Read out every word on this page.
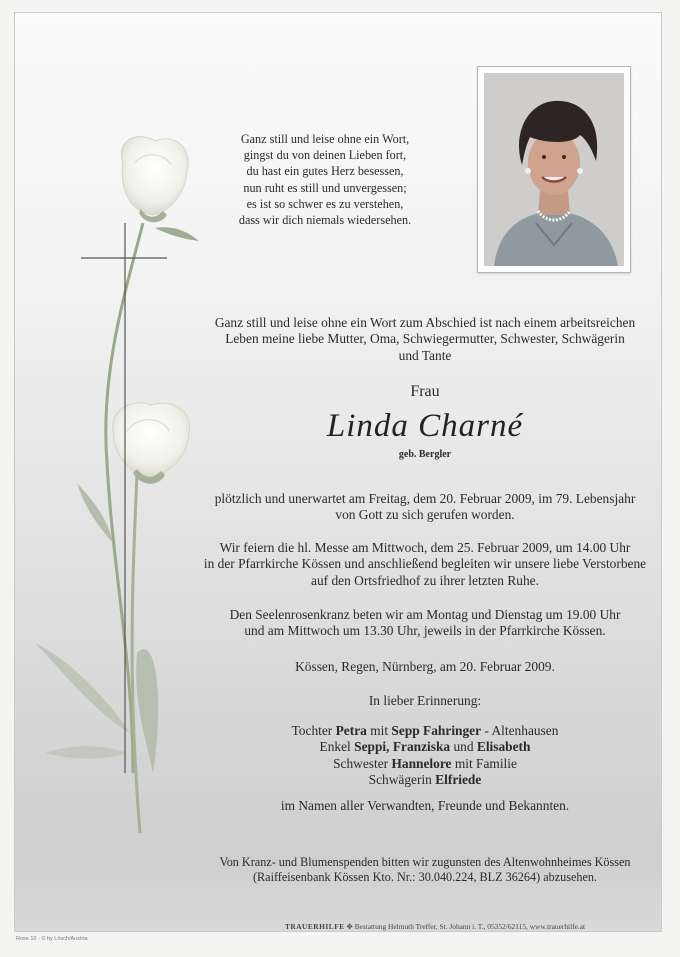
Ganz still und leise ohne ein Wort,
gingst du von deinen Lieben fort,
du hast ein gutes Herz besessen,
nun ruht es still und unvergessen;
es ist so schwer es zu verstehen,
dass wir dich niemals wiedersehen.
Ganz still und leise ohne ein Wort zum Abschied ist nach einem arbeitsreichen
Leben meine liebe Mutter, Oma, Schwiegermutter, Schwester, Schwägerin
und Tante
Frau
Linda Charné
geb. Bergler
plötzlich und unerwartet am Freitag, dem 20. Februar 2009, im 79. Lebensjahr
von Gott zu sich gerufen worden.
Wir feiern die hl. Messe am Mittwoch, dem 25. Februar 2009, um 14.00 Uhr
in der Pfarrkirche Kössen und anschließend begleiten wir unsere liebe Verstorbene
auf den Ortsfriedhof zu ihrer letzten Ruhe.
Den Seelenrosenkranz beten wir am Montag und Dienstag um 19.00 Uhr
und am Mittwoch um 13.30 Uhr, jeweils in der Pfarrkirche Kössen.
Kössen, Regen, Nürnberg, am 20. Februar 2009.
In lieber Erinnerung:
Tochter Petra mit Sepp Fahringer - Altenhausen
Enkel Seppi, Franziska und Elisabeth
Schwester Hannelore mit Familie
Schwägerin Elfriede
im Namen aller Verwandten, Freunde und Bekannten.
Von Kranz- und Blumenspenden bitten wir zugunsten des Altenwohnheimes Kössen
(Raiffeisenbank Kössen Kto. Nr.: 30.040.224, BLZ 36264) abzusehen.
TRAUERHILFE ✥ Bestattung Helmuth Treffer, St. Johann i. T., 05352/62115, www.trauerhilfe.at
Rose 10 - © by Lösch/Austria
